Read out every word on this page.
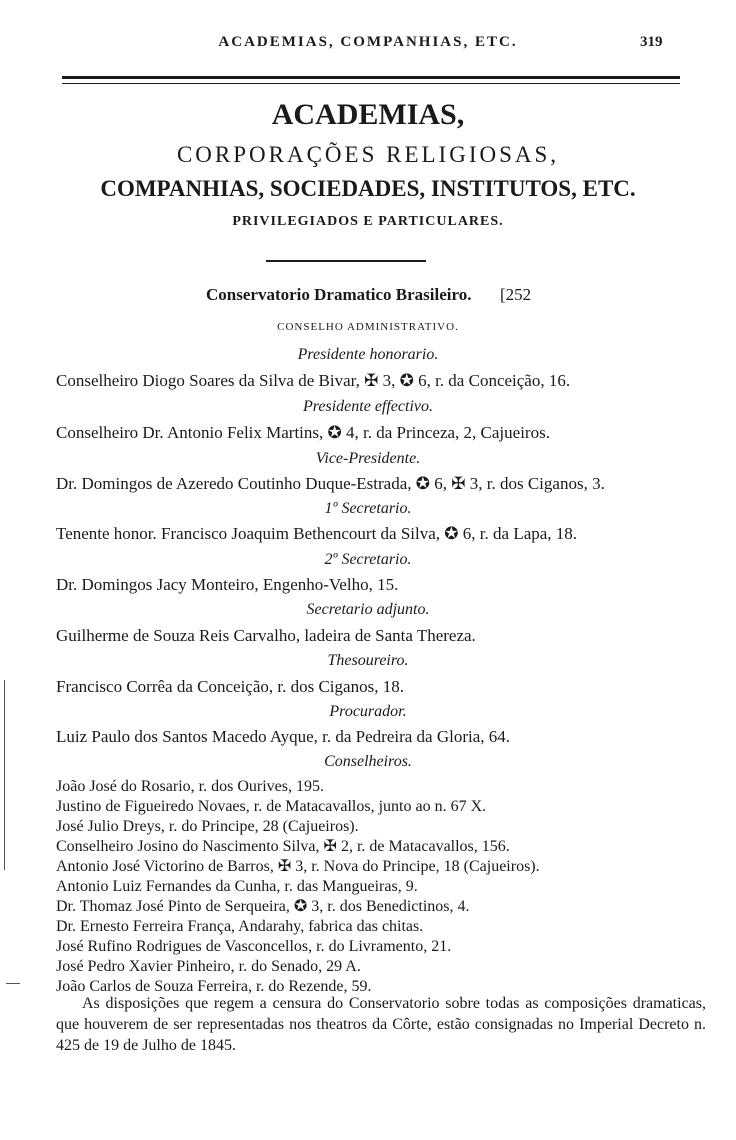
ACADEMIAS, COMPANHIAS, ETC.	319
ACADEMIAS,
CORPORAÇÕES RELIGIOSAS,
COMPANHIAS, SOCIEDADES, INSTITUTOS, ETC.
PRIVILEGIADOS E PARTICULARES.
Conservatorio Dramatico Brasileiro. [252
CONSELHO ADMINISTRATIVO.
Presidente honorario.
Conselheiro Diogo Soares da Silva de Bivar, ✠ 3, ✪ 6, r. da Conceição, 16.
Presidente effectivo.
Conselheiro Dr. Antonio Felix Martins, ✪ 4, r. da Princeza, 2, Cajueiros.
Vice-Presidente.
Dr. Domingos de Azeredo Coutinho Duque-Estrada, ✪ 6, ✠ 3, r. dos Ciganos, 3.
1º Secretario.
Tenente honor. Francisco Joaquim Bethencourt da Silva, ✪ 6, r. da Lapa, 18.
2º Secretario.
Dr. Domingos Jacy Monteiro, Engenho-Velho, 15.
Secretario adjunto.
Guilherme de Souza Reis Carvalho, ladeira de Santa Thereza.
Thesoureiro.
Francisco Corrêa da Conceição, r. dos Ciganos, 18.
Procurador.
Luiz Paulo dos Santos Macedo Ayque, r. da Pedreira da Gloria, 64.
Conselheiros.
João José do Rosario, r. dos Ourives, 195.
Justino de Figueiredo Novaes, r. de Matacavallos, junto ao n. 67 X.
José Julio Dreys, r. do Principe, 28 (Cajueiros).
Conselheiro Josino do Nascimento Silva, ✠ 2, r. de Matacavallos, 156.
Antonio José Victorino de Barros, ✠ 3, r. Nova do Principe, 18 (Cajueiros).
Antonio Luiz Fernandes da Cunha, r. das Mangueiras, 9.
Dr. Thomaz José Pinto de Serqueira, ✪ 3, r. dos Benedictinos, 4.
Dr. Ernesto Ferreira França, Andarahy, fabrica das chitas.
José Rufino Rodrigues de Vasconcellos, r. do Livramento, 21.
José Pedro Xavier Pinheiro, r. do Senado, 29 A.
João Carlos de Souza Ferreira, r. do Rezende, 59.
As disposições que regem a censura do Conservatorio sobre todas as composições dramaticas, que houverem de ser representadas nos theatros da Côrte, estão consignadas no Imperial Decreto n. 425 de 19 de Julho de 1845.
